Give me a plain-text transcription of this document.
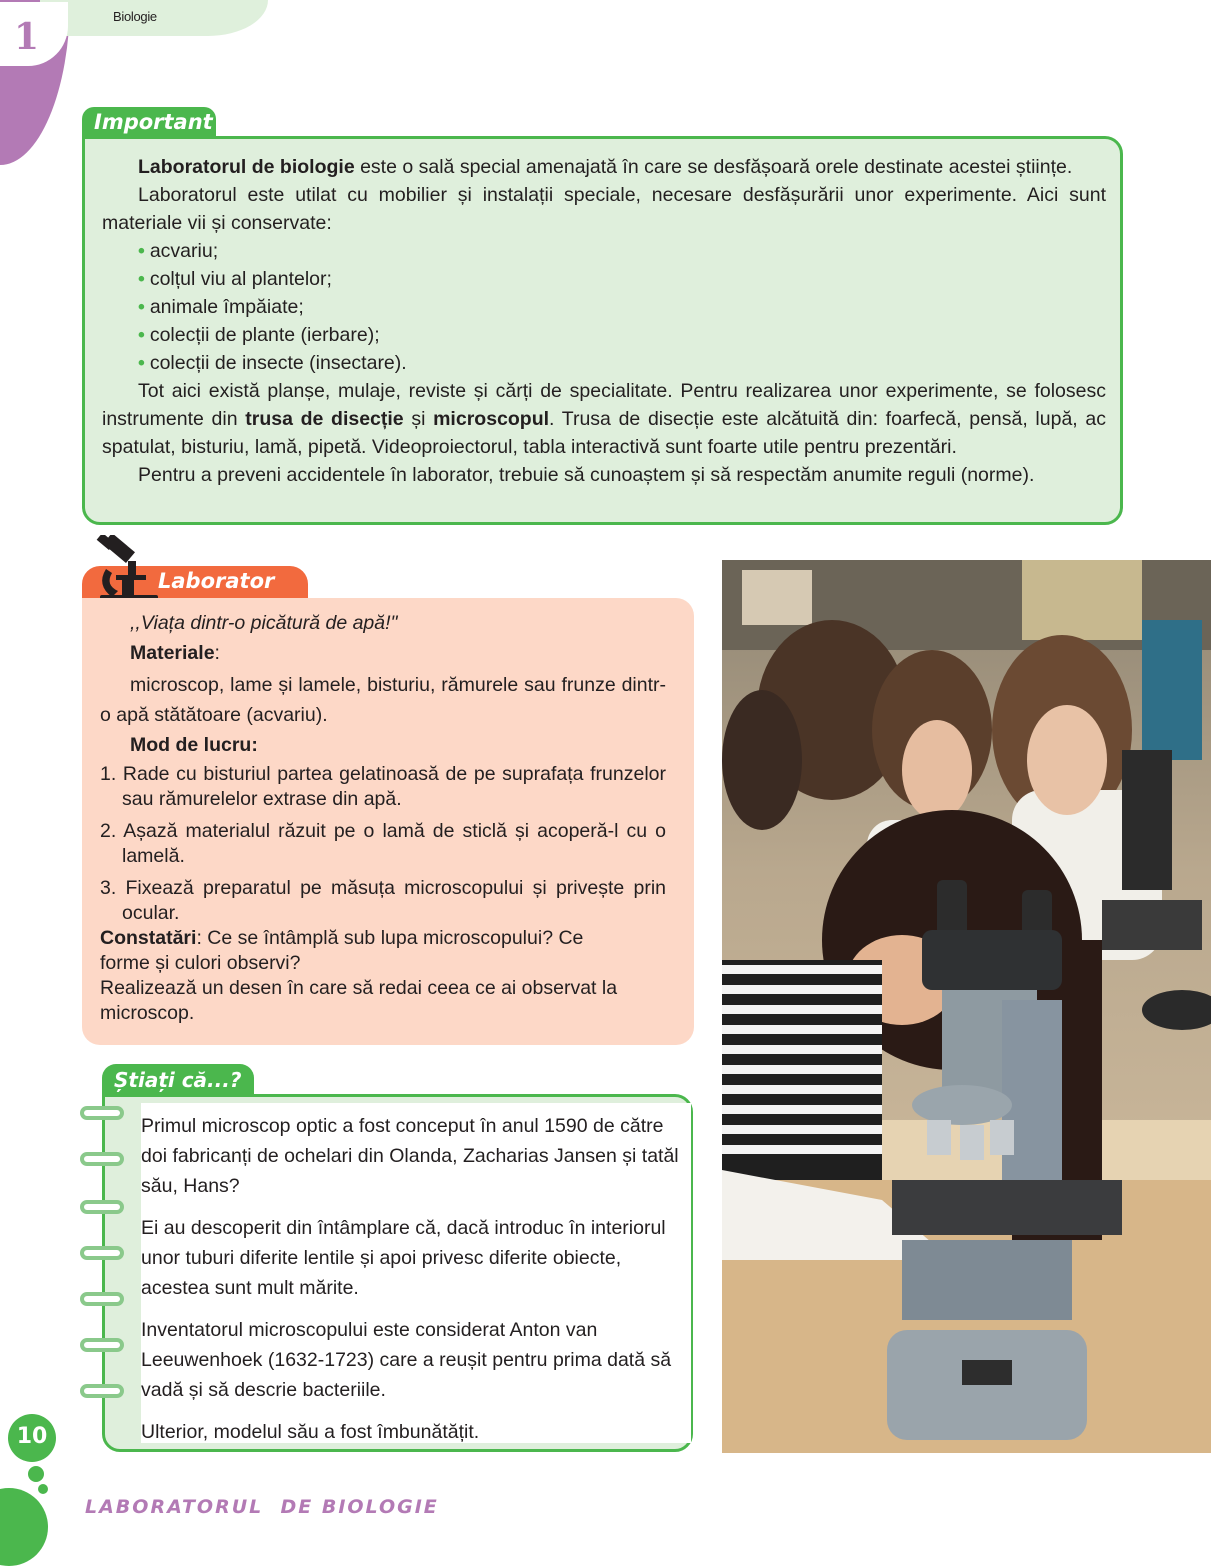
1	Biologie
Important

Laboratorul de biologie este o sală special amenajată în care se desfășoară orele destinate acestei științe.

Laboratorul este utilat cu mobilier și instalații speciale, necesare desfășurării unor experimente. Aici sunt materiale vii și conservate:

• acvariu;
• colțul viu al plantelor;
• animale împăiate;
• colecții de plante (ierbare);
• colecții de insecte (insectare).

Tot aici există planșe, mulaje, reviste și cărți de specialitate. Pentru realizarea unor experimente, se folosesc instrumente din trusa de disecție și microscopul. Trusa de disecție este alcătuită din: foarfecă, pensă, lupă, ac spatulat, bisturiu, lamă, pipetă. Videoproiectorul, tabla interactivă sunt foarte utile pentru prezentări.

Pentru a preveni accidentele în laborator, trebuie să cunoaștem și să respectăm anumite reguli (norme).

Laborator

,,Viața dintr-o picătură de apă!"

Materiale:

microscop, lame și lamele, bisturiu, rămurele sau frunze dintr-o apă stătătoare (acvariu).

Mod de lucru:

1. Rade cu bisturiul partea gelatinoasă de pe suprafața frunzelor sau rămurelelor extrase din apă.
2. Așază materialul răzuit pe o lamă de sticlă și acoperă-l cu o lamelă.
3. Fixează preparatul pe măsuța microscopului și privește prin ocular.

Constatări: Ce se întâmplă sub lupa microscopului? Ce forme și culori observi?

Realizează un desen în care să redai ceea ce ai observat la microscop.

Știați că...?

Primul microscop optic a fost conceput în anul 1590 de către doi fabricanți de ochelari din Olanda, Zacharias Jansen și tatăl său, Hans?

Ei au descoperit din întâmplare că, dacă introduc în interiorul unor tuburi diferite lentile și apoi privesc diferite obiecte, acestea sunt mult mărite.

Inventatorul microscopului este considerat Anton van Leeuwenhoek (1632-1723) care a reușit pentru prima dată să vadă și să descrie bacteriile.

Ulterior, modelul său a fost îmbunătățit.

10
LABORATORUL  DE BIOLOGIE
